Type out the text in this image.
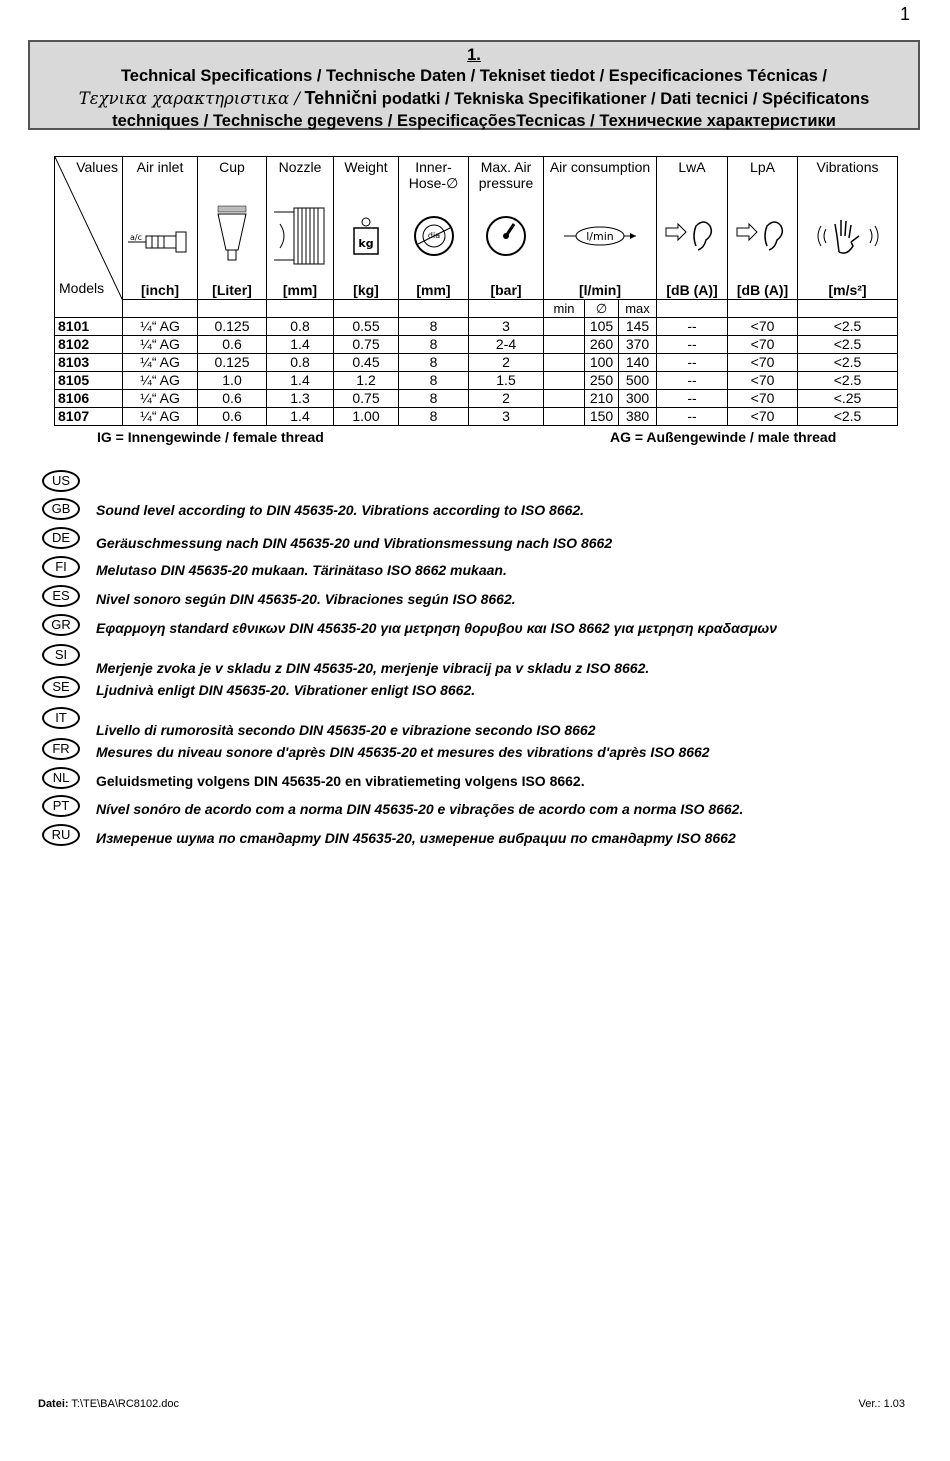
1
1.
Technical Specifications / Technische Daten / Tekniset tiedot / Especificaciones Técnicas /
Τεχνικα χαρακτηριστικα / Tehnični podatki / Tekniska Specifikationer / Dati tecnici / Spécificatons
techniques / Technische gegevens / EspecificaçõesTecnicas / Технические характеристики
Values
Models	Air inlet	Cup	Nozzle	Weight	Inner-Hose-∅	Max. Air pressure	Air consumption			LwA	LpA	Vibrations

a/c			kg	dia		l/min

	[inch]	[Liter]	[mm]	[kg]	[mm]	[bar]	[l/min]			[dB (A)]	[dB (A)]	[m/s²]
							min	∅	max			
8101	¼“ AG	0.125	0.8	0.55	8	3		105	145	--	<70	<2.5
8102	¼“ AG	0.6	1.4	0.75	8	2-4		260	370	--	<70	<2.5
8103	¼“ AG	0.125	0.8	0.45	8	2		100	140	--	<70	<2.5
8105	¼“ AG	1.0	1.4	1.2	8	1.5		250	500	--	<70	<2.5
8106	¼“ AG	0.6	1.3	0.75	8	2		210	300	--	<70	<.25
8107	¼“ AG	0.6	1.4	1.00	8	3		150	380	--	<70	<2.5
IG = Innengewinde / female thread	AG = Außengewinde / male thread
US
GB	Sound level according to DIN 45635-20. Vibrations according to ISO 8662.
DE	Geräuschmessung nach DIN 45635-20 und Vibrationsmessung nach ISO 8662
FI	Melutaso DIN 45635-20 mukaan. Tärinätaso ISO 8662 mukaan.
ES	Nivel sonoro según DIN 45635-20. Vibraciones según ISO 8662.
GR	Εφαρμογη standard εθνικων DIN 45635-20 για μετρηση θορυβου και ISO 8662 για μετρηση κραδασμων
SI
Merjenje zvoka je v skladu z DIN 45635-20, merjenje vibracij pa v skladu z ISO 8662.
SE	Ljudnivà enligt DIN 45635-20. Vibrationer enligt ISO 8662.
IT
Livello di rumorosità secondo DIN 45635-20 e vibrazione secondo ISO 8662
FR	Mesures du niveau sonore d'après DIN 45635-20 et mesures des vibrations d'après ISO 8662
NL	Geluidsmeting volgens DIN 45635-20 en vibratiemeting volgens ISO 8662.
PT	Nível sonóro de acordo com a norma DIN 45635-20 e vibrações de acordo com a norma ISO 8662.
RU	Измерение шума по стандарту DIN 45635-20, измерение вибрации по стандарту ISO 8662
Datei: T:\TE\BA\RC8102.doc	Ver.: 1.03
